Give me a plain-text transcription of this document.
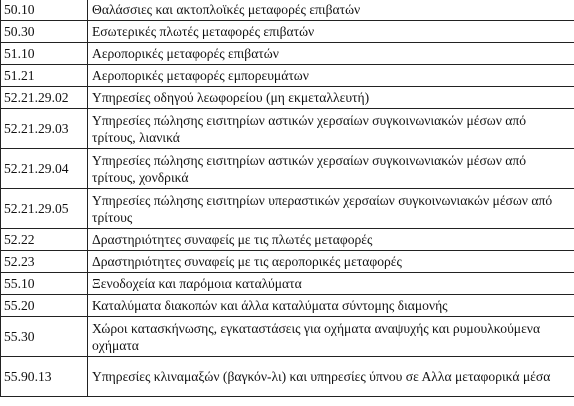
50.10	Θαλάσσιες και ακτοπλοϊκές μεταφορές επιβατών
50.30	Εσωτερικές πλωτές μεταφορές επιβατών
51.10	Αεροπορικές μεταφορές επιβατών
51.21	Αεροπορικές μεταφορές εμπορευμάτων
52.21.29.02	Υπηρεσίες οδηγού λεωφορείου (μη εκμεταλλευτή)
52.21.29.03	Υπηρεσίες πώλησης εισιτηρίων αστικών χερσαίων συγκοινωνιακών μέσων από τρίτους, λιανικά
52.21.29.04	Υπηρεσίες πώλησης εισιτηρίων αστικών χερσαίων συγκοινωνιακών μέσων από τρίτους, χονδρικά
52.21.29.05	Υπηρεσίες πώλησης εισιτηρίων υπεραστικών χερσαίων συγκοινωνιακών μέσων από τρίτους
52.22	Δραστηριότητες συναφείς με τις πλωτές μεταφορές
52.23	Δραστηριότητες συναφείς με τις αεροπορικές μεταφορές
55.10	Ξενοδοχεία και παρόμοια καταλύματα
55.20	Καταλύματα διακοπών και άλλα καταλύματα σύντομης διαμονής
55.30	Χώροι κατασκήνωσης, εγκαταστάσεις για οχήματα αναψυχής και ρυμουλκούμενα οχήματα
55.90.13	Υπηρεσίες κλιναμαξών (βαγκόν-λι) και υπηρεσίες ύπνου σε Αλλα μεταφορικά μέσα
